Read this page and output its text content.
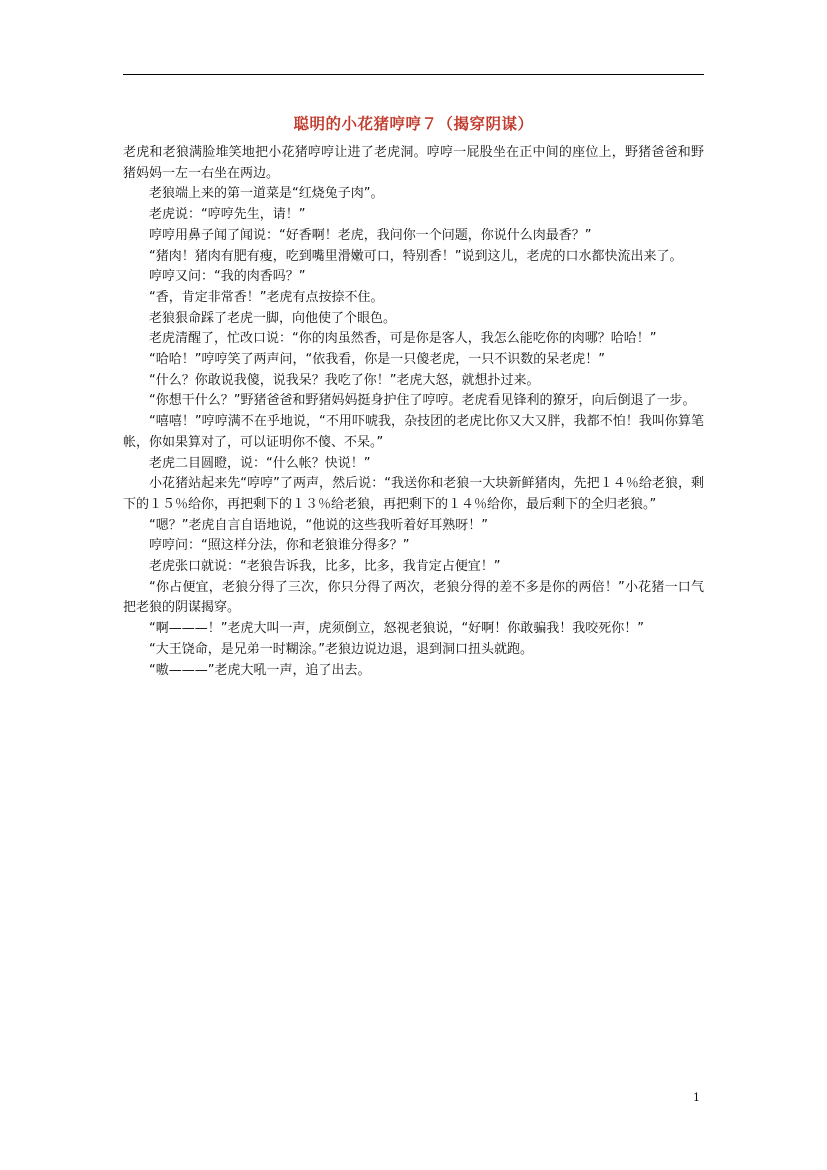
聪明的小花猪哼哼７（揭穿阴谋）

老虎和老狼满脸堆笑地把小花猪哼哼让进了老虎洞。哼哼一屁股坐在正中间的座位上，野猪爸爸和野猪妈妈一左一右坐在两边。

老狼端上来的第一道菜是“红烧兔子肉”。

老虎说：“哼哼先生，请！”

哼哼用鼻子闻了闻说：“好香啊！老虎，我问你一个问题，你说什么肉最香？”

“猪肉！猪肉有肥有瘦，吃到嘴里滑嫩可口，特别香！”说到这儿，老虎的口水都快流出来了。

哼哼又问：“我的肉香吗？”

“香，肯定非常香！”老虎有点按捺不住。

老狼狠命踩了老虎一脚，向他使了个眼色。

老虎清醒了，忙改口说：“你的肉虽然香，可是你是客人，我怎么能吃你的肉哪？哈哈！”

“哈哈！”哼哼笑了两声问，“依我看，你是一只傻老虎，一只不识数的呆老虎！”

“什么？你敢说我傻，说我呆？我吃了你！”老虎大怒，就想扑过来。

“你想干什么？”野猪爸爸和野猪妈妈挺身护住了哼哼。老虎看见锋利的獠牙，向后倒退了一步。

“嘻嘻！”哼哼满不在乎地说，“不用吓唬我，杂技团的老虎比你又大又胖，我都不怕！我叫你算笔帐，你如果算对了，可以证明你不傻、不呆。”

老虎二目圆瞪，说：“什么帐？快说！”

小花猪站起来先“哼哼”了两声，然后说：“我送你和老狼一大块新鲜猪肉，先把１４％给老狼，剩下的１５％给你，再把剩下的１３％给老狼，再把剩下的１４％给你，最后剩下的全归老狼。”

“嗯？”老虎自言自语地说，“他说的这些我听着好耳熟呀！”

哼哼问：“照这样分法，你和老狼谁分得多？”

老虎张口就说：“老狼告诉我，比多，比多，我肯定占便宜！”

“你占便宜，老狼分得了三次，你只分得了两次，老狼分得的差不多是你的两倍！”小花猪一口气把老狼的阴谋揭穿。

“啊———！”老虎大叫一声，虎须倒立，怒视老狼说，“好啊！你敢骗我！我咬死你！”

“大王饶命，是兄弟一时糊涂。”老狼边说边退，退到洞口扭头就跑。

“嗷———”老虎大吼一声，追了出去。

1
